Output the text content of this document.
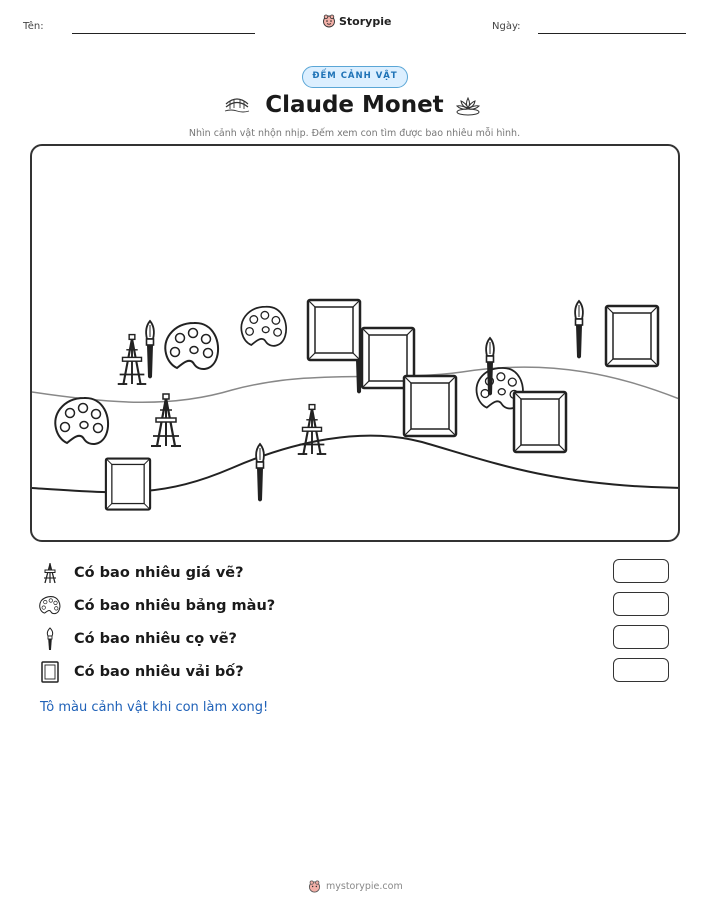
Tên:	Ngày:
Storypie
ĐẾM CẢNH VẬT
Claude Monet
Nhìn cảnh vật nhộn nhịp. Đếm xem con tìm được bao nhiêu mỗi hình.
Có bao nhiêu giá vẽ?
Có bao nhiêu bảng màu?
Có bao nhiêu cọ vẽ?
Có bao nhiêu vải bố?
Tô màu cảnh vật khi con làm xong!
mystorypie.com
